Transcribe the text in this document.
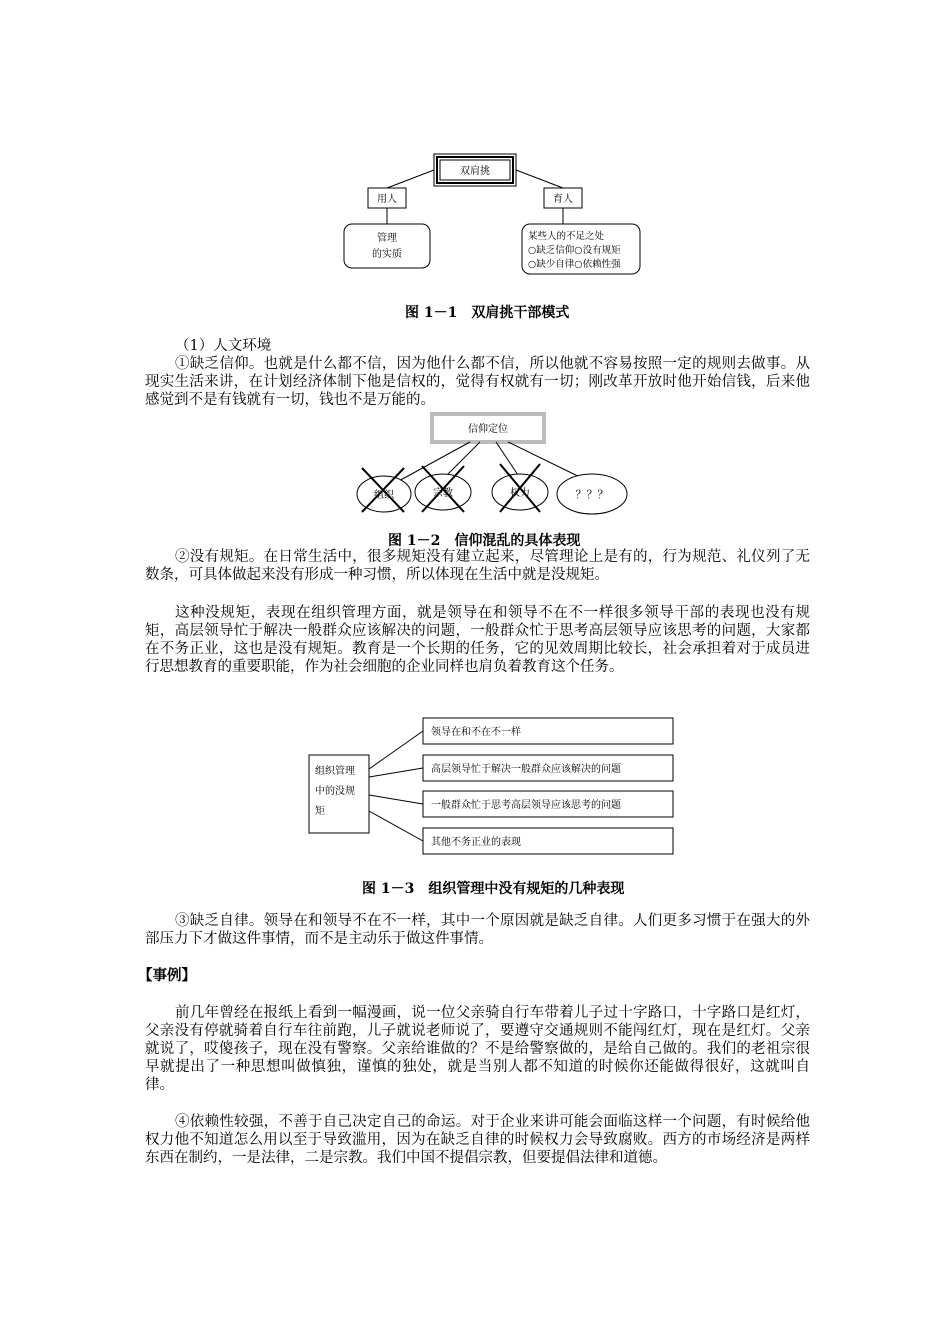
双肩挑
用人	育人
管理
的实质
某些人的不足之处
○缺乏信仰○没有规矩
○缺少自律○依赖性强
图 1－1　双肩挑干部模式
（1）人文环境
①缺乏信仰。也就是什么都不信，因为他什么都不信，所以他就不容易按照一定的规则去做事。从现实生活来讲，在计划经济体制下他是信权的，觉得有权就有一切；刚改革开放时他开始信钱，后来他感觉到不是有钱就有一切，钱也不是万能的。
信仰定位
组织	宗教	权力	？？？
图 1－2　信仰混乱的具体表现
②没有规矩。在日常生活中，很多规矩没有建立起来，尽管理论上是有的，行为规范、礼仪列了无数条，可具体做起来没有形成一种习惯，所以体现在生活中就是没规矩。
这种没规矩，表现在组织管理方面，就是领导在和领导不在不一样很多领导干部的表现也没有规矩，高层领导忙于解决一般群众应该解决的问题，一般群众忙于思考高层领导应该思考的问题，大家都在不务正业，这也是没有规矩。教育是一个长期的任务，它的见效周期比较长，社会承担着对于成员进行思想教育的重要职能，作为社会细胞的企业同样也肩负着教育这个任务。
组织管理
中的没规
矩
领导在和不在不一样
高层领导忙于解决一般群众应该解决的问题
一般群众忙于思考高层领导应该思考的问题
其他不务正业的表现
图 1－3　组织管理中没有规矩的几种表现
③缺乏自律。领导在和领导不在不一样，其中一个原因就是缺乏自律。人们更多习惯于在强大的外部压力下才做这件事情，而不是主动乐于做这件事情。
【事例】
前几年曾经在报纸上看到一幅漫画，说一位父亲骑自行车带着儿子过十字路口，十字路口是红灯，父亲没有停就骑着自行车往前跑，儿子就说老师说了，要遵守交通规则不能闯红灯，现在是红灯。父亲就说了，哎傻孩子，现在没有警察。父亲给谁做的？不是给警察做的，是给自己做的。我们的老祖宗很早就提出了一种思想叫做慎独，谨慎的独处，就是当别人都不知道的时候你还能做得很好，这就叫自律。
④依赖性较强，不善于自己决定自己的命运。对于企业来讲可能会面临这样一个问题，有时候给他权力他不知道怎么用以至于导致滥用，因为在缺乏自律的时候权力会导致腐败。西方的市场经济是两样东西在制约，一是法律，二是宗教。我们中国不提倡宗教，但要提倡法律和道德。
